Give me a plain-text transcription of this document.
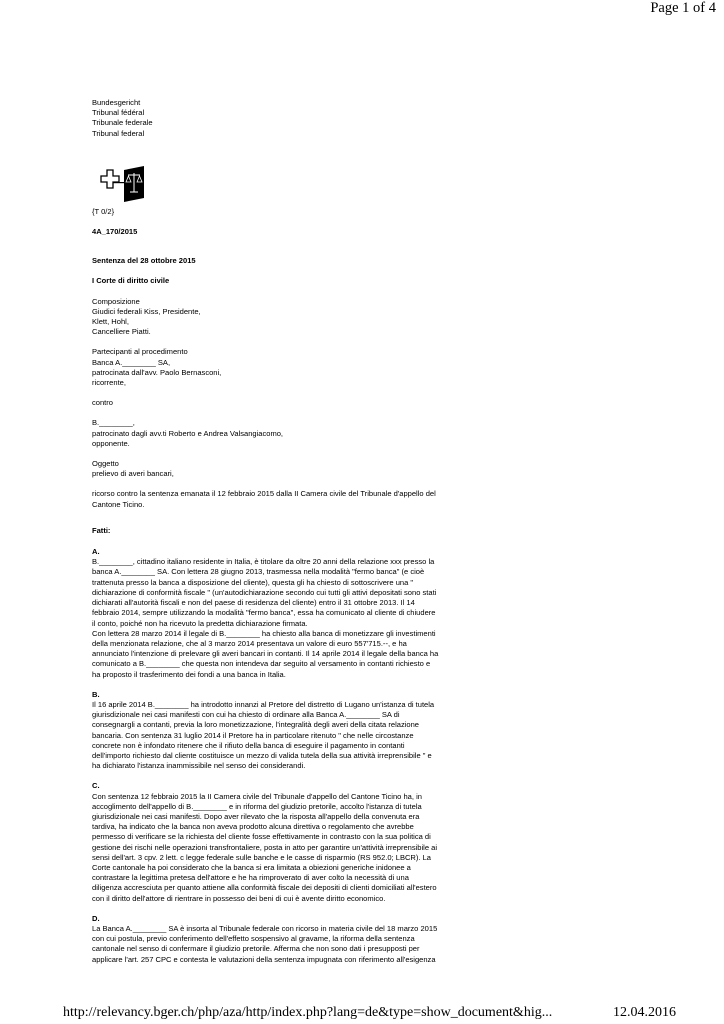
Page 1 of 4
Bundesgericht
Tribunal fédéral
Tribunale federale
Tribunal federal
{T 0/2}
4A_170/2015
Sentenza del 28 ottobre 2015
I Corte di diritto civile
Composizione
Giudici federali Kiss, Presidente,
Klett, Hohl,
Cancelliere Piatti.
Partecipanti al procedimento
Banca A.________ SA,
patrocinata dall'avv. Paolo Bernasconi,
ricorrente,
contro
B.________,
patrocinato dagli avv.ti Roberto e Andrea Valsangiacomo,
opponente.
Oggetto
prelievo di averi bancari,
ricorso contro la sentenza emanata il 12 febbraio 2015 dalla II Camera civile del Tribunale d'appello del
Cantone Ticino.
Fatti:
A.
B.________, cittadino italiano residente in Italia, è titolare da oltre 20 anni della relazione xxx presso la
banca A.________ SA. Con lettera 28 giugno 2013, trasmessa nella modalità "fermo banca" (e cioè
trattenuta presso la banca a disposizione del cliente), questa gli ha chiesto di sottoscrivere una "
dichiarazione di conformità fiscale " (un'autodichiarazione secondo cui tutti gli attivi depositati sono stati
dichiarati all'autorità fiscali e non del paese di residenza del cliente) entro il 31 ottobre 2013. Il 14
febbraio 2014, sempre utilizzando la modalità "fermo banca", essa ha comunicato al cliente di chiudere
il conto, poiché non ha ricevuto la predetta dichiarazione firmata.
Con lettera 28 marzo 2014 il legale di B.________ ha chiesto alla banca di monetizzare gli investimenti
della menzionata relazione, che al 3 marzo 2014 presentava un valore di euro 557'715.--, e ha
annunciato l'intenzione di prelevare gli averi bancari in contanti. Il 14 aprile 2014 il legale della banca ha
comunicato a B.________ che questa non intendeva dar seguito al versamento in contanti richiesto e
ha proposto il trasferimento dei fondi a una banca in Italia.
B.
Il 16 aprile 2014 B.________ ha introdotto innanzi al Pretore del distretto di Lugano un'istanza di tutela
giurisdizionale nei casi manifesti con cui ha chiesto di ordinare alla Banca A.________ SA di
consegnargli a contanti, previa la loro monetizzazione, l'integralità degli averi della citata relazione
bancaria. Con sentenza 31 luglio 2014 il Pretore ha in particolare ritenuto " che nelle circostanze
concrete non è infondato ritenere che il rifiuto della banca di eseguire il pagamento in contanti
dell'importo richiesto dal cliente costituisce un mezzo di valida tutela della sua attività irreprensibile " e
ha dichiarato l'istanza inammissibile nel senso dei considerandi.
C.
Con sentenza 12 febbraio 2015 la II Camera civile del Tribunale d'appello del Cantone Ticino ha, in
accoglimento dell'appello di B.________ e in riforma del giudizio pretorile, accolto l'istanza di tutela
giurisdizionale nei casi manifesti. Dopo aver rilevato che la risposta all'appello della convenuta era
tardiva, ha indicato che la banca non aveva prodotto alcuna direttiva o regolamento che avrebbe
permesso di verificare se la richiesta del cliente fosse effettivamente in contrasto con la sua politica di
gestione dei rischi nelle operazioni transfrontaliere, posta in atto per garantire un'attività irreprensibile ai
sensi dell'art. 3 cpv. 2 lett. c legge federale sulle banche e le casse di risparmio (RS 952.0; LBCR). La
Corte cantonale ha poi considerato che la banca si era limitata a obiezioni generiche inidonee a
contrastare la legittima pretesa dell'attore e he ha rimproverato di aver colto la necessità di una
diligenza accresciuta per quanto attiene alla conformità fiscale dei depositi di clienti domiciliati all'estero
con il diritto dell'attore di rientrare in possesso dei beni di cui è avente diritto economico.
D.
La Banca A.________ SA è insorta al Tribunale federale con ricorso in materia civile del 18 marzo 2015
con cui postula, previo conferimento dell'effetto sospensivo al gravame, la riforma della sentenza
cantonale nel senso di confermare il giudizio pretorile. Afferma che non sono dati i presupposti per
applicare l'art. 257 CPC e contesta le valutazioni della sentenza impugnata con riferimento all'esigenza
http://relevancy.bger.ch/php/aza/http/index.php?lang=de&type=show_document&hig...	12.04.2016
